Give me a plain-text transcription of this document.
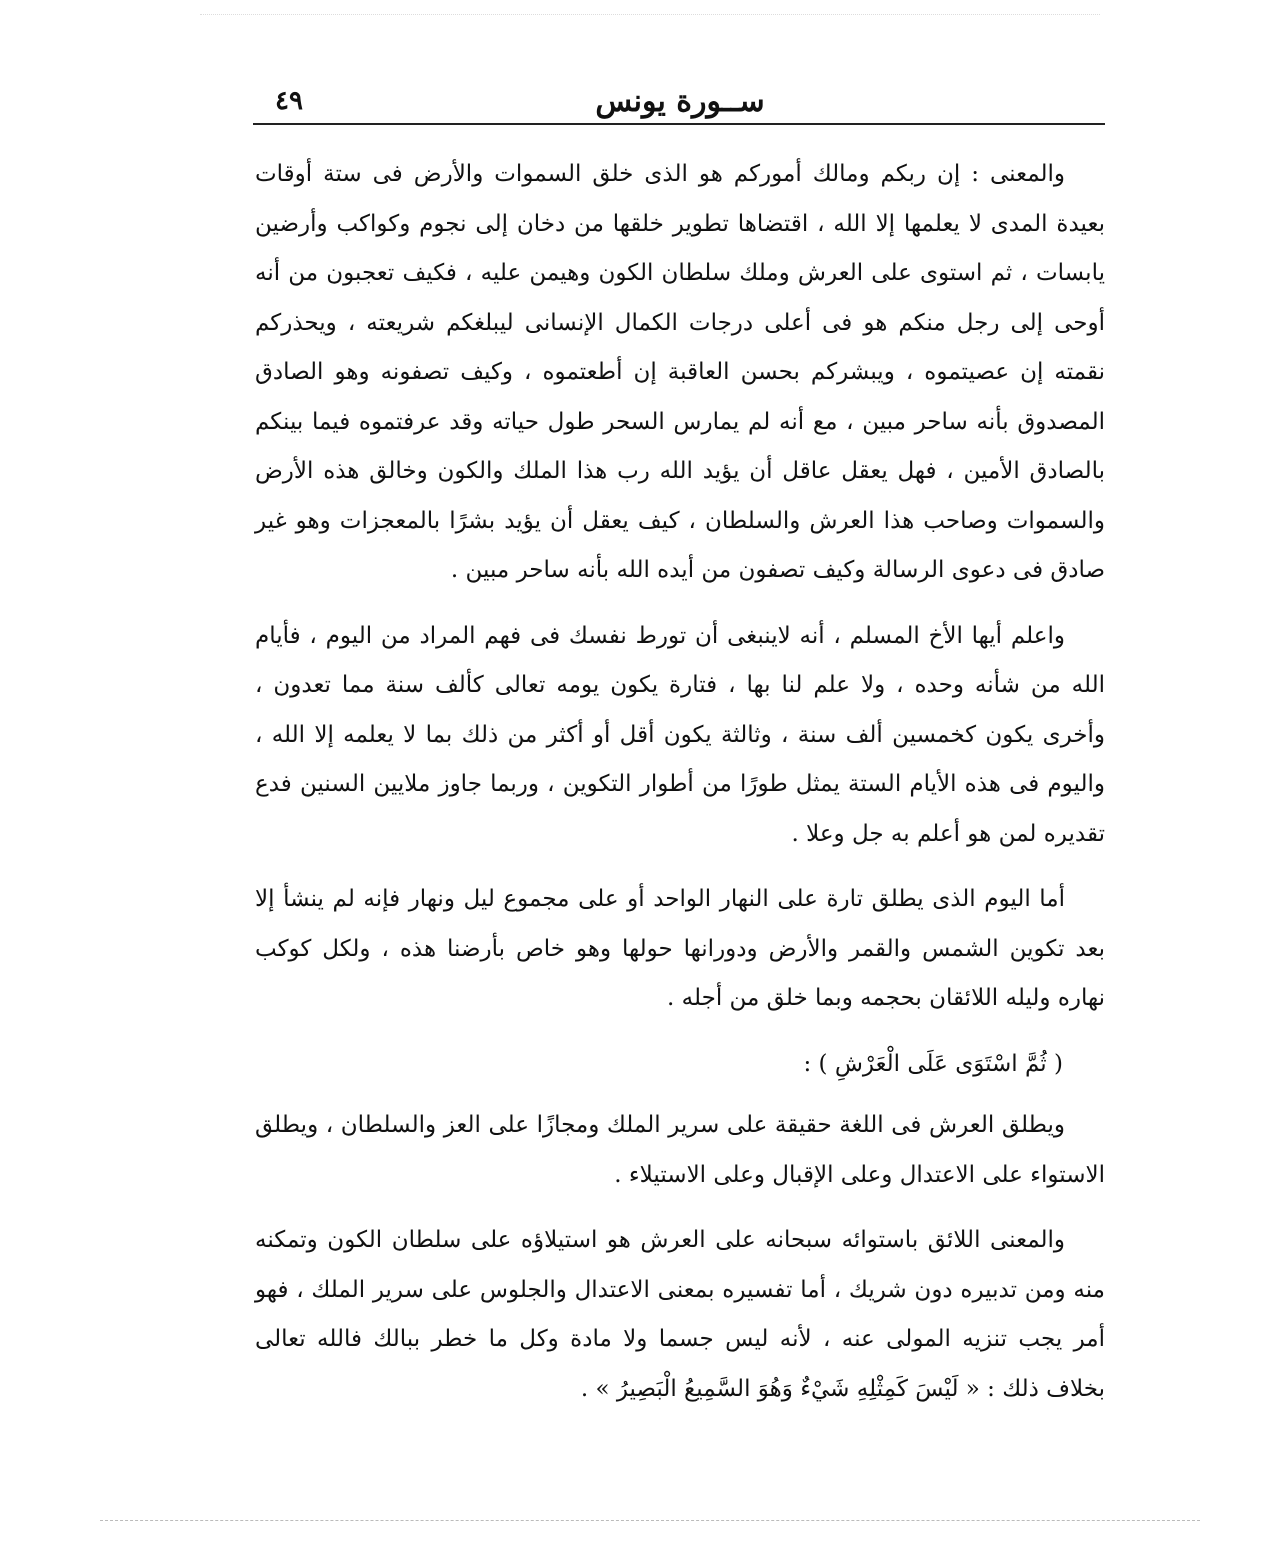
ســورة يونس
٤٩

والمعنى : إن ربكم ومالك أموركم هو الذى خلق السموات والأرض فى ستة أوقات بعيدة المدى لا يعلمها إلا الله ، اقتضاها تطوير خلقها من دخان إلى نجوم وكواكب وأرضين يابسات ، ثم استوى على العرش وملك سلطان الكون وهيمن عليه ، فكيف تعجبون من أنه أوحى إلى رجل منكم هو فى أعلى درجات الكمال الإنسانى ليبلغكم شريعته ، ويحذركم نقمته إن عصيتموه ، ويبشركم بحسن العاقبة إن أطعتموه ، وكيف تصفونه وهو الصادق المصدوق بأنه ساحر مبين ، مع أنه لم يمارس السحر طول حياته وقد عرفتموه فيما بينكم بالصادق الأمين ، فهل يعقل عاقل أن يؤيد الله رب هذا الملك والكون وخالق هذه الأرض والسموات وصاحب هذا العرش والسلطان ، كيف يعقل أن يؤيد بشرًا بالمعجزات وهو غير صادق فى دعوى الرسالة وكيف تصفون من أيده الله بأنه ساحر مبين .

واعلم أيها الأخ المسلم ، أنه لاينبغى أن تورط نفسك فى فهم المراد من اليوم ، فأيام الله من شأنه وحده ، ولا علم لنا بها ، فتارة يكون يومه تعالى كألف سنة مما تعدون ، وأخرى يكون كخمسين ألف سنة ، وثالثة يكون أقل أو أكثر من ذلك بما لا يعلمه إلا الله ، واليوم فى هذه الأيام الستة يمثل طورًا من أطوار التكوين ، وربما جاوز ملايين السنين فدع تقديره لمن هو أعلم به جل وعلا .

أما اليوم الذى يطلق تارة على النهار الواحد أو على مجموع ليل ونهار فإنه لم ينشأ إلا بعد تكوين الشمس والقمر والأرض ودورانها حولها وهو خاص بأرضنا هذه ، ولكل كوكب نهاره وليله اللائقان بحجمه وبما خلق من أجله .

( ثُمَّ اسْتَوَى عَلَى الْعَرْشِ ) :

ويطلق العرش فى اللغة حقيقة على سرير الملك ومجازًا على العز والسلطان ، ويطلق الاستواء على الاعتدال وعلى الإقبال وعلى الاستيلاء .

والمعنى اللائق باستوائه سبحانه على العرش هو استيلاؤه على سلطان الكون وتمكنه منه ومن تدبيره دون شريك ، أما تفسيره بمعنى الاعتدال والجلوس على سرير الملك ، فهو أمر يجب تنزيه المولى عنه ، لأنه ليس جسما ولا مادة وكل ما خطر ببالك فالله تعالى بخلاف ذلك : « لَيْسَ كَمِثْلِهِ شَيْءٌ وَهُوَ السَّمِيعُ الْبَصِيرُ » .
